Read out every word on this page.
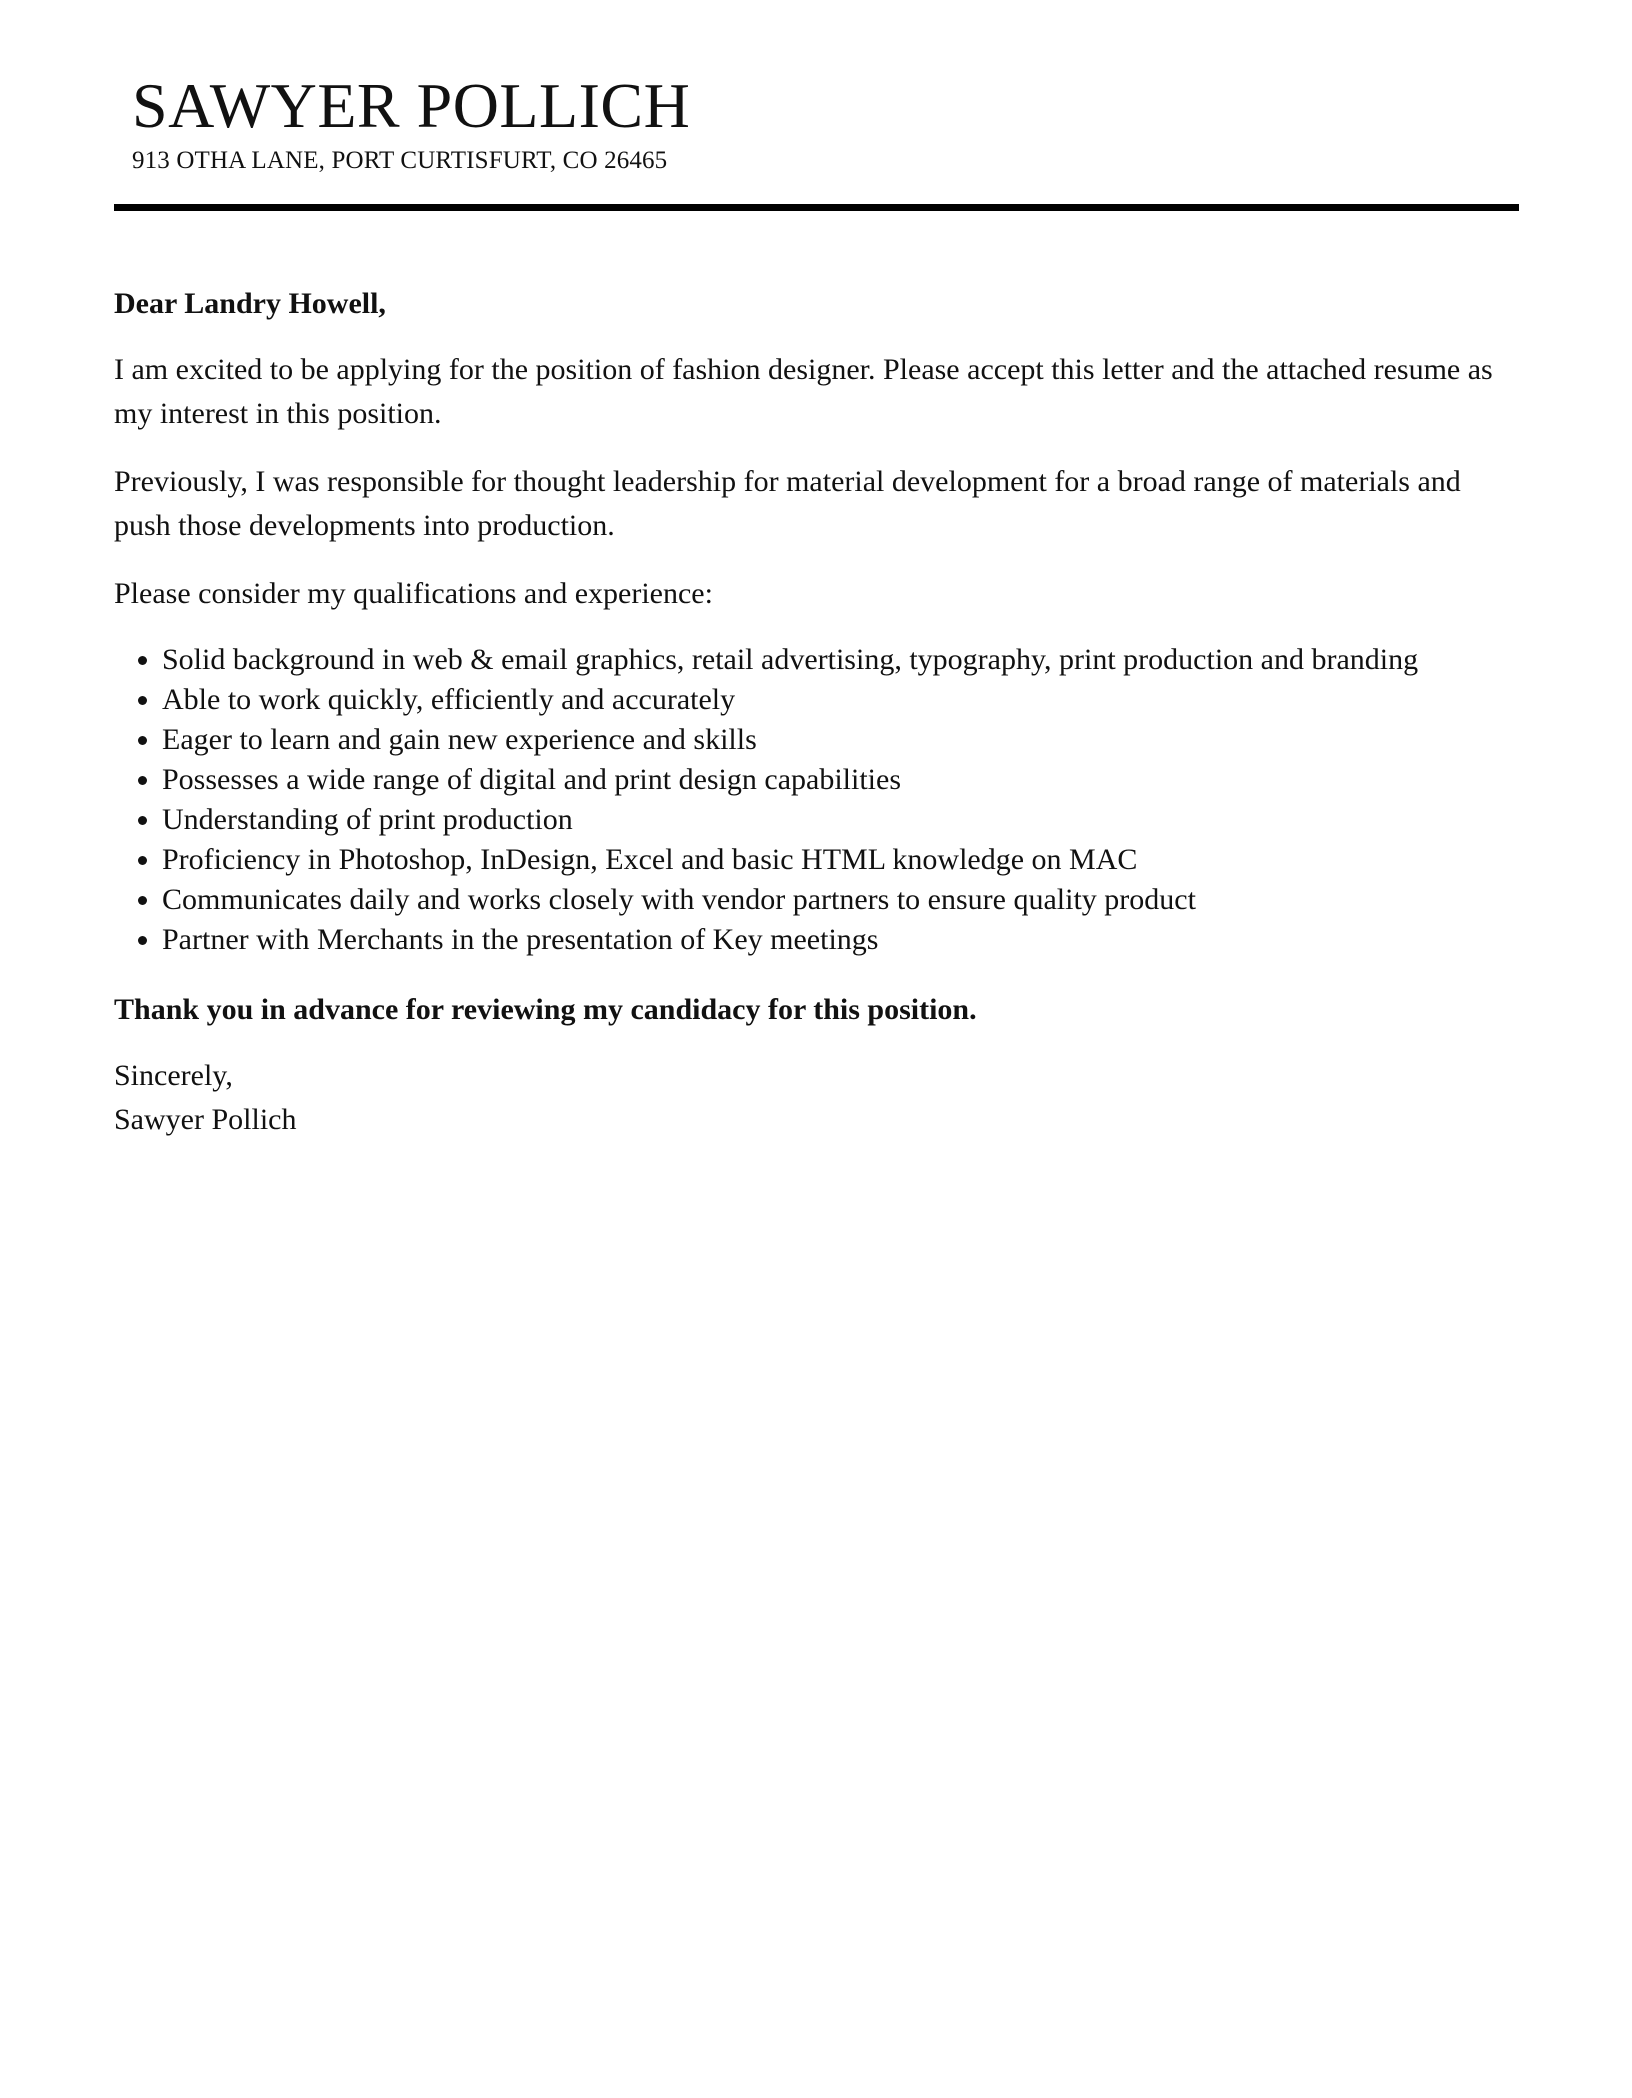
SAWYER POLLICH
913 OTHA LANE, PORT CURTISFURT, CO 26465

Dear Landry Howell,

I am excited to be applying for the position of fashion designer. Please accept this letter and the attached resume as my interest in this position.

Previously, I was responsible for thought leadership for material development for a broad range of materials and push those developments into production.

Please consider my qualifications and experience:

• Solid background in web & email graphics, retail advertising, typography, print production and branding
• Able to work quickly, efficiently and accurately
• Eager to learn and gain new experience and skills
• Possesses a wide range of digital and print design capabilities
• Understanding of print production
• Proficiency in Photoshop, InDesign, Excel and basic HTML knowledge on MAC
• Communicates daily and works closely with vendor partners to ensure quality product
• Partner with Merchants in the presentation of Key meetings

Thank you in advance for reviewing my candidacy for this position.

Sincerely,
Sawyer Pollich
